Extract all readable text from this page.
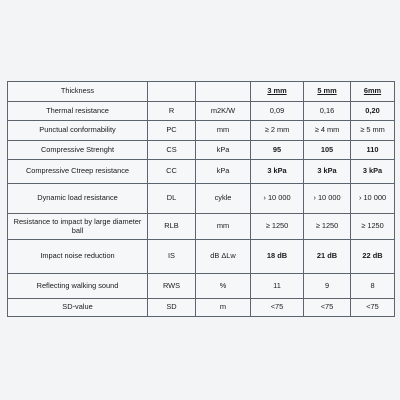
Thickness			3 mm	5 mm	6mm
Thermal resistance	R	m2K/W	0,09	0,16	0,20
Punctual conformability	PC	mm	≥ 2 mm	≥ 4 mm	≥ 5 mm
Compressive Strenght	CS	kPa	95	105	110
Compressive Ctreep resistance	CC	kPa	3 kPa	3 kPa	3 kPa
Dynamic load resistance	DL	cykle	› 10 000	› 10 000	› 10 000
Resistance to impact by large diameter ball	RLB	mm	≥ 1250	≥ 1250	≥ 1250
Impact noise reduction	IS	dB ΔLw	18 dB	21 dB	22 dB
Reflecting walking sound	RWS	%	11	9	8
SD-value	SD	m	<75	<75	<75
